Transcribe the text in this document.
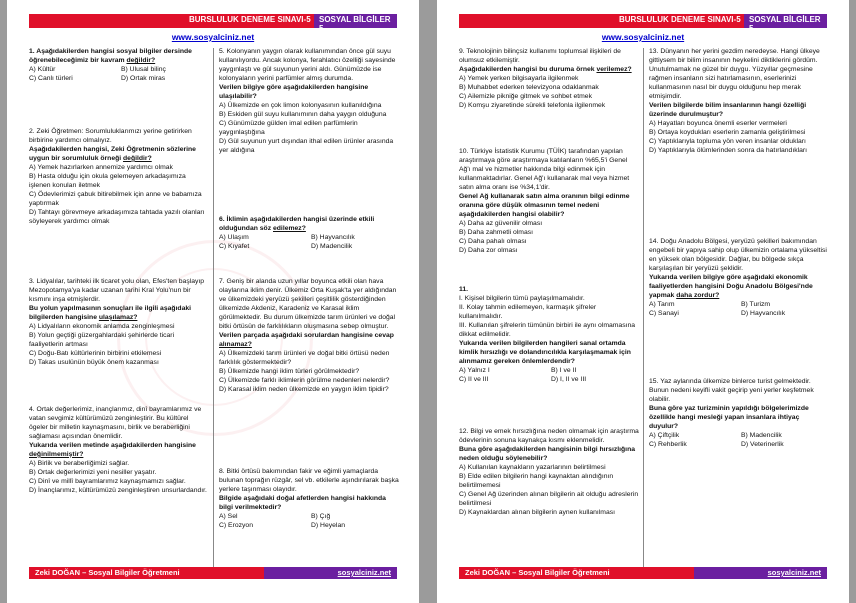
BURSLULUK DENEME SINAVI-5 SOSYAL BİLGİLER 5
www.sosyalciniz.net
1. Aşağıdakilerden hangisi sosyal bilgiler dersinde öğrenebileceğimiz bir kavram değildir?
A) Kültür	B) Ulusal bilinç
C) Canlı türleri	D) Ortak miras
2. Zeki Öğretmen: Sorumluluklarımızı yerine getirirken birbirine yardımcı olmalıyız.
Aşağıdakilerden hangisi, Zeki Öğretmenin sözlerine uygun bir sorumluluk örneği değildir?
A) Yemek hazırlarken annemize yardımcı olmak
B) Hasta olduğu için okula gelemeyen arkadaşımıza işlenen konuları iletmek
C) Ödevlerimizi çabuk bitirebilmek için anne ve babamıza yaptırmak
D) Tahtayı görevmeye arkadaşımıza tahtada yazılı olanları söyleyerek yardımcı olmak
3. Lidyalılar, tarihteki ilk ticaret yolu olan, Efes'ten başlayıp Mezopotamya'ya kadar uzanan tarihi Kral Yolu'nun bir kısmını inşa etmişlerdir.
Bu yolun yapılmasının sonuçları ile ilgili aşağıdaki bilgilerden hangisine ulaşılamaz?
A) Lidyalıların ekonomik anlamda zenginleşmesi
B) Yolun geçtiği güzergahlardaki şehirlerde ticari faaliyetlerin artması
C) Doğu-Batı kültürlerinin birbirini etkilemesi
D) Takas usulünün büyük önem kazanması
4. Ortak değerlerimiz, inançlarımız, dinî bayramlarımız ve vatan sevgimiz kültürümüzü zenginleştirir. Bu kültürel ögeler bir milletin kaynaşmasını, birlik ve beraberliğini sağlaması açısından önemlidir.
Yukarıda verilen metinde aşağıdakilerden hangisine değinilmemiştir?
A) Birlik ve beraberliğimizi sağlar.
B) Ortak değerlerimizi yeni nesiller yaşatır.
C) Dinî ve millî bayramlarımız kaynaşmamızı sağlar.
D) İnançlarımız, kültürümüzü zenginleştiren unsurlardandır.
5. Kolonyanın yaygın olarak kullanımından önce gül suyu kullanılıyordu. Ancak kolonya, ferahlatıcı özelliği sayesinde yaygınlaştı ve gül suyunun yerini aldı. Günümüzde ise kolonyaların yerini parfümler almış durumda.
Verilen bilgiye göre aşağıdakilerden hangisine ulaşılabilir?
A) Ülkemizde en çok limon kolonyasının kullanıldığına
B) Eskiden gül suyu kullanımının daha yaygın olduğuna
C) Günümüzde gülden imal edilen parfümlerin yaygınlaştığına
D) Gül suyunun yurt dışından ithal edilen ürünler arasında yer aldığına
6. İklimin aşağıdakilerden hangisi üzerinde etkili olduğundan söz edilemez?
A) Ulaşım	B) Hayvancılık
C) Kıyafet	D) Madencilik
7. Geniş bir alanda uzun yıllar boyunca etkili olan hava olaylarına iklim denir. Ülkemiz Orta Kuşak'ta yer aldığından ve ülkemizdeki yeryüzü şekilleri çeşitlilik gösterdiğinden ülkemizde Akdeniz, Karadeniz ve Karasal iklim görülmektedir. Bu durum ülkemizde tarım ürünleri ve doğal bitki örtüsün de farklılıkların oluşmasına sebep olmuştur.
Verilen parçada aşağıdaki sorulardan hangisine cevap alınamaz?
A) Ülkemizdeki tarım ürünleri ve doğal bitki örtüsü neden farklılık göstermektedir?
B) Ülkemizde hangi iklim türleri görülmektedir?
C) Ülkemizde farklı iklimlerin görülme nedenleri nelerdir?
D) Karasal iklim neden ülkemizde en yaygın iklim tipidir?
8. Bitki örtüsü bakımından fakir ve eğimli yamaçlarda bulunan toprağın rüzgâr, sel vb. etkilerle aşındırılarak başka yerlere taşınması olayıdır.
Bilgide aşağıdaki doğal afetlerden hangisi hakkında bilgi verilmektedir?
A) Sel	B) Çığ
C) Erozyon	D) Heyelan
Zeki DOĞAN – Sosyal Bilgiler Öğretmeni	sosyalciniz.net
BURSLULUK DENEME SINAVI-5 SOSYAL BİLGİLER 5
www.sosyalciniz.net
9. Teknolojinin bilinçsiz kullanımı toplumsal ilişkileri de olumsuz etkilemiştir.
Aşağıdakilerden hangisi bu duruma örnek verilemez?
A) Yemek yerken bilgisayarla ilgilenmek
B) Muhabbet ederken televizyona odaklanmak
C) Ailemizle pikniğe gitmek ve sohbet etmek
D) Komşu ziyaretinde sürekli telefonla ilgilenmek
10. Türkiye İstatistik Kurumu (TÜİK) tarafından yapılan araştırmaya göre araştırmaya katılanların %65,5'i Genel Ağ'ı mal ve hizmetler hakkında bilgi edinmek için kullanmaktadırlar. Genel Ağ'ı kullanarak mal veya hizmet satın alma oranı ise %34,1'dir.
Genel Ağ kullanarak satın alma oranının bilgi edinme oranına göre düşük olmasının temel nedeni aşağıdakilerden hangisi olabilir?
A) Daha az güvenilir olması
B) Daha zahmetli olması
C) Daha pahalı olması
D) Daha zor olması
11.
I. Kişisel bilgilerin tümü paylaşılmamalıdır.
II. Kolay tahmin edilemeyen, karmaşık şifreler kullanılmalıdır.
III. Kullanılan şifrelerin tümünün birbiri ile aynı olmamasına dikkat edilmelidir.
Yukarıda verilen bilgilerden hangileri sanal ortamda kimlik hırsızlığı ve dolandırıcılıkla karşılaşmamak için alınmamız gereken önlemlerdendir?
A) Yalnız I	B) I ve II
C) II ve III	D) I, II ve III
12. Bilgi ve emek hırsızlığına neden olmamak için araştırma ödevlerinin sonuna kaynakça kısmı eklenmelidir.
Buna göre aşağıdakilerden hangisinin bilgi hırsızlığına neden olduğu söylenebilir?
A) Kullanılan kaynakların yazarlarının belirtilmesi
B) Elde edilen bilgilerin hangi kaynaktan alındığının belirtilmemesi
C) Genel Ağ üzerinden alınan bilgilerin ait olduğu adreslerin belirtilmesi
D) Kaynaklardan alınan bilgilerin aynen kullanılması
13. Dünyanın her yerini gezdim neredeyse. Hangi ülkeye gittiysem bir bilim insanının heykelini diktiklerini gördüm. Unutulmamak ne güzel bir duygu. Yüzyıllar geçmesine rağmen insanların sizi hatırlamasının, eserlerinizi kullanmasının nasıl bir duygu olduğunu hep merak etmişimdir.
Verilen bilgilerde bilim insanlarının hangi özelliği üzerinde durulmuştur?
A) Hayatları boyunca önemli eserler vermeleri
B) Ortaya koydukları eserlerin zamanla geliştirilmesi
C) Yaptıklarıyla topluma yön veren insanlar oldukları
D) Yaptıklarıyla ölümlerinden sonra da hatırlandıkları
14. Doğu Anadolu Bölgesi, yeryüzü şekilleri bakımından engebeli bir yapıya sahip olup ülkemizin ortalama yükseltisi en yüksek olan bölgesidir. Dağlar, bu bölgede sıkça karşılaşılan bir yeryüzü şeklidir.
Yukarıda verilen bilgiye göre aşağıdaki ekonomik faaliyetlerden hangisini Doğu Anadolu Bölgesi'nde yapmak daha zordur?
A) Tarım	B) Turizm
C) Sanayi	D) Hayvancılık
15. Yaz aylarında ülkemize binlerce turist gelmektedir. Bunun nedeni keyifli vakit geçirip yeni yerler keşfetmek olabilir.
Buna göre yaz turizminin yapıldığı bölgelerimizde özellikle hangi mesleği yapan insanlara ihtiyaç duyulur?
A) Çiftçilik	B) Madencilik
C) Rehberlik	D) Veterinerlik
Zeki DOĞAN – Sosyal Bilgiler Öğretmeni	sosyalciniz.net
